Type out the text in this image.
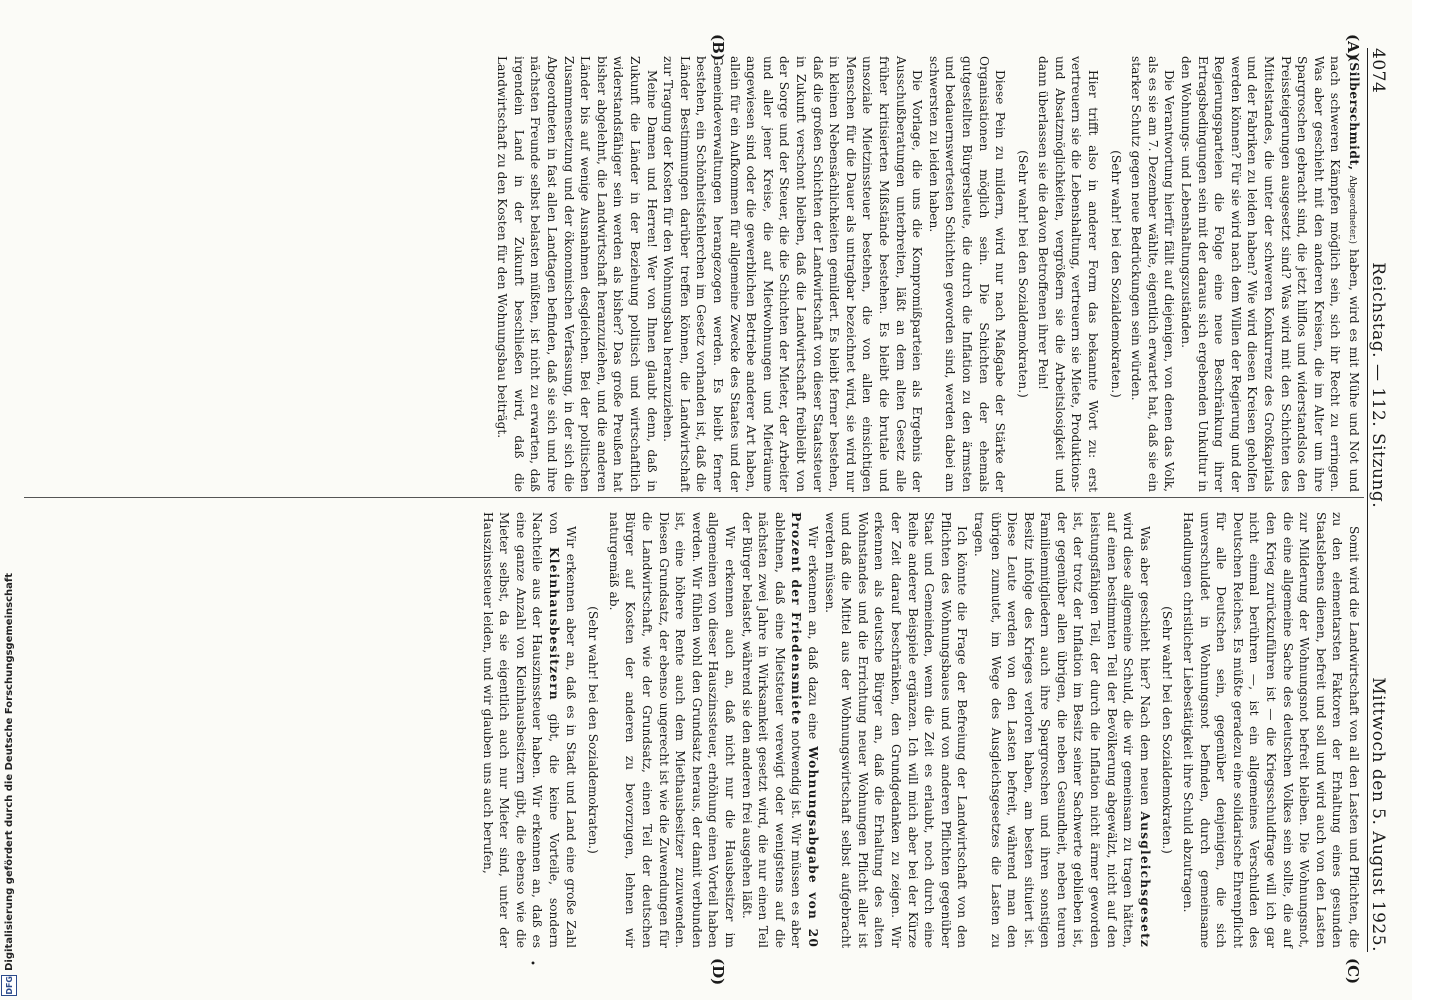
4074
Reichstag. — 112. Sitzung.
Mittwoch den 5. August 1925.
(A)
(B)
(C)
(D)
•

(Silberschmidt, Abgeordneter.) haben, wird es mit Mühe und Not und nach schweren Kämpfen möglich sein, sich ihr Recht zu erringen. Was aber geschieht mit den anderen Kreisen, die im Alter um ihre Spargroschen gebracht sind, die jetzt hilflos und widerstandslos den Preissteigerungen ausgesetzt sind? Was wird mit den Schichten des Mittelstandes, die unter der schweren Konkurrenz des Großkapitals und der Fabriken zu leiden haben? Wie wird diesen Kreisen geholfen werden können? Für sie wird nach dem Willen der Regierung und der Regierungsparteien die Folge eine neue Beschränkung ihrer Ertragsbedingungen sein mit der daraus sich ergebenden Unkultur in den Wohnungs- und Lebenshaltungszuständen.

Die Verantwortung hierfür fällt auf diejenigen, von denen das Volk, als es sie am 7. Dezember wählte, eigentlich erwartet hat, daß sie ein starker Schutz gegen neue Bedrückungen sein würden.

(Sehr wahr! bei den Sozialdemokraten.)

Hier trifft also in anderer Form das bekannte Wort zu: erst vertreuern sie die Lebenshaltung, vertreuern sie Miete, Produktions- und Absatzmöglichkeiten, vergrößern sie die Arbeitslosigkeit und dann überlassen sie die davon Betroffenen ihrer Pein!

(Sehr wahr! bei den Sozialdemokraten.)

Diese Pein zu mildern, wird nur nach Maßgabe der Stärke der Organisationen möglich sein. Die Schichten der ehemals gutgestellten Bürgersleute, die durch die Inflation zu den ärmsten und bedauernswertesten Schichten geworden sind, werden dabei am schwersten zu leiden haben.

Die Vorlage, die uns die Kompromißparteien als Ergebnis der Ausschußberatungen unterbreiten, läßt an dem alten Gesetz alle früher kritisierten Mißstände bestehen. Es bleibt die brutale und unsoziale Mietzinssteuer bestehen, die von allen einsichtigen Menschen für die Dauer als untragbar bezeichnet wird, sie wird nur in kleinen Nebensächlichkeiten gemildert. Es bleibt ferner bestehen, daß die großen Schichten der Landwirtschaft von dieser Staatssteuer in Zukunft verschont bleiben, daß die Landwirtschaft freibleibt von der Sorge und der Steuer, die die Schichten der Mieter, der Arbeiter und aller jener Kreise, die auf Mietwohnungen und Mieträume angewiesen sind oder die gewerblichen Betriebe anderer Art haben, allein für ein Aufkommen für allgemeine Zwecke des Staates und der Gemeindeverwaltungen herangezogen werden. Es bleibt ferner bestehen, ein Schönheitsfehlerchen im Gesetz vorhanden ist, daß die Länder Bestimmungen darüber treffen können, die Landwirtschaft zur Tragung der Kosten für den Wohnungsbau heranzuziehen.

Meine Damen und Herren! Wer von Ihnen glaubt denn, daß in Zukunft die Länder in der Beziehung politisch und wirtschaftlich widerstandsfähiger sein werden als bisher? Das große Preußen hat bisher abgelehnt, die Landwirtschaft heranzuziehen, und die anderen Länder bis auf wenige Ausnahmen desgleichen. Bei der politischen Zusammensetzung und der ökonomischen Verfassung, in der sich die Abgeordneten in fast allen Landtagen befinden, daß sie sich und ihre nächsten Freunde selbst belasten müßten, ist nicht zu erwarten, daß irgendein Land in der Zukunft beschließen wird, daß die Landwirtschaft zu den Kosten für den Wohnungsbau beiträgt.

Somit wird die Landwirtschaft von all den Lasten und Pflichten, die zu den elementarsten Faktoren der Erhaltung eines gesunden Staatslebens dienen, befreit und soll und wird auch von den Lasten zur Milderung der Wohnungsnot befreit bleiben. Die Wohnungsnot, die eine allgemeine Sache des deutschen Volkes sein sollte, die auf den Krieg zurückzuführen ist — die Kriegsschuldfrage will ich gar nicht einmal berühren —, ist ein allgemeines Verschulden des Deutschen Reiches. Es müßte geradezu eine solidarische Ehrenpflicht für alle Deutschen sein, gegenüber denjenigen, die sich unverschuldet in Wohnungsnot befinden, durch gemeinsame Handlungen christlicher Liebestätigkeit ihre Schuld abzutragen.

(Sehr wahr! bei den Sozialdemokraten.)

Was aber geschieht hier? Nach dem neuen Ausgleichsgesetz wird diese allgemeine Schuld, die wir gemeinsam zu tragen hätten, auf einen bestimmten Teil der Bevölkerung abgewälzt, nicht auf den leistungsfähigen Teil, der durch die Inflation nicht ärmer geworden ist, der trotz der Inflation im Besitz seiner Sachwerte geblieben ist, der gegenüber allen übrigen, die neben Gesundheit, neben teuren Familienmitgliedern auch ihre Spargroschen und ihren sonstigen Besitz infolge des Krieges verloren haben, am besten situiert ist. Diese Leute werden von den Lasten befreit, während man den übrigen zumutet, im Wege des Ausgleichsgesetzes die Lasten zu tragen.

Ich könnte die Frage der Befreiung der Landwirtschaft von den Pflichten des Wohnungsbaues und von anderen Pflichten gegenüber Staat und Gemeinden, wenn die Zeit es erlaubt, noch durch eine Reihe anderer Beispiele ergänzen. Ich will mich aber bei der Kürze der Zeit darauf beschränken, den Grundgedanken zu zeigen. Wir erkennen als deutsche Bürger an, daß die Erhaltung des alten Wohnstandes und die Errichtung neuer Wohnungen Pflicht aller ist und daß die Mittel aus der Wohnungswirtschaft selbst aufgebracht werden müssen.

Wir erkennen an, daß dazu eine Wohnungsabgabe von 20 Prozent der Friedensmiete notwendig ist. Wir müssen es aber ablehnen, daß eine Mietsteuer verewigt oder wenigstens auf die nächsten zwei Jahre in Wirksamkeit gesetzt wird, die nur einen Teil der Bürger belastet, während sie den anderen frei ausgehen läßt.

Wir erkennen auch an, daß nicht nur die Hausbesitzer im allgemeinen von dieser Hauszinssteuer, erhöhung einen Vorteil haben werden. Wir fühlen wohl den Grundsatz heraus, der damit verbunden ist, eine höhere Rente auch dem Miethausbesitzer zuzuwenden. Diesen Grundsatz, der ebenso ungerecht ist wie die Zuwendungen für die Landwirtschaft, wie der Grundsatz, einen Teil der deutschen Bürger auf Kosten der anderen zu bevorzugen, lehnen wir naturgemäß ab.

(Sehr wahr! bei den Sozialdemokraten.)

Wir erkennen aber an, daß es in Stadt und Land eine große Zahl von Kleinhausbesitzern gibt, die keine Vorteile, sondern Nachteile aus der Hauszinssteuer haben. Wir erkennen an, daß es eine ganze Anzahl von Kleinhausbesitzern gibt, die ebenso wie die Mieter selbst, da sie eigentlich auch nur Mieter sind, unter der Hauszinssteuer leiden, und wir glauben uns auch berufen,

Digitalisierung gefördert durch die Deutsche Forschungsgemeinschaft
DFG
